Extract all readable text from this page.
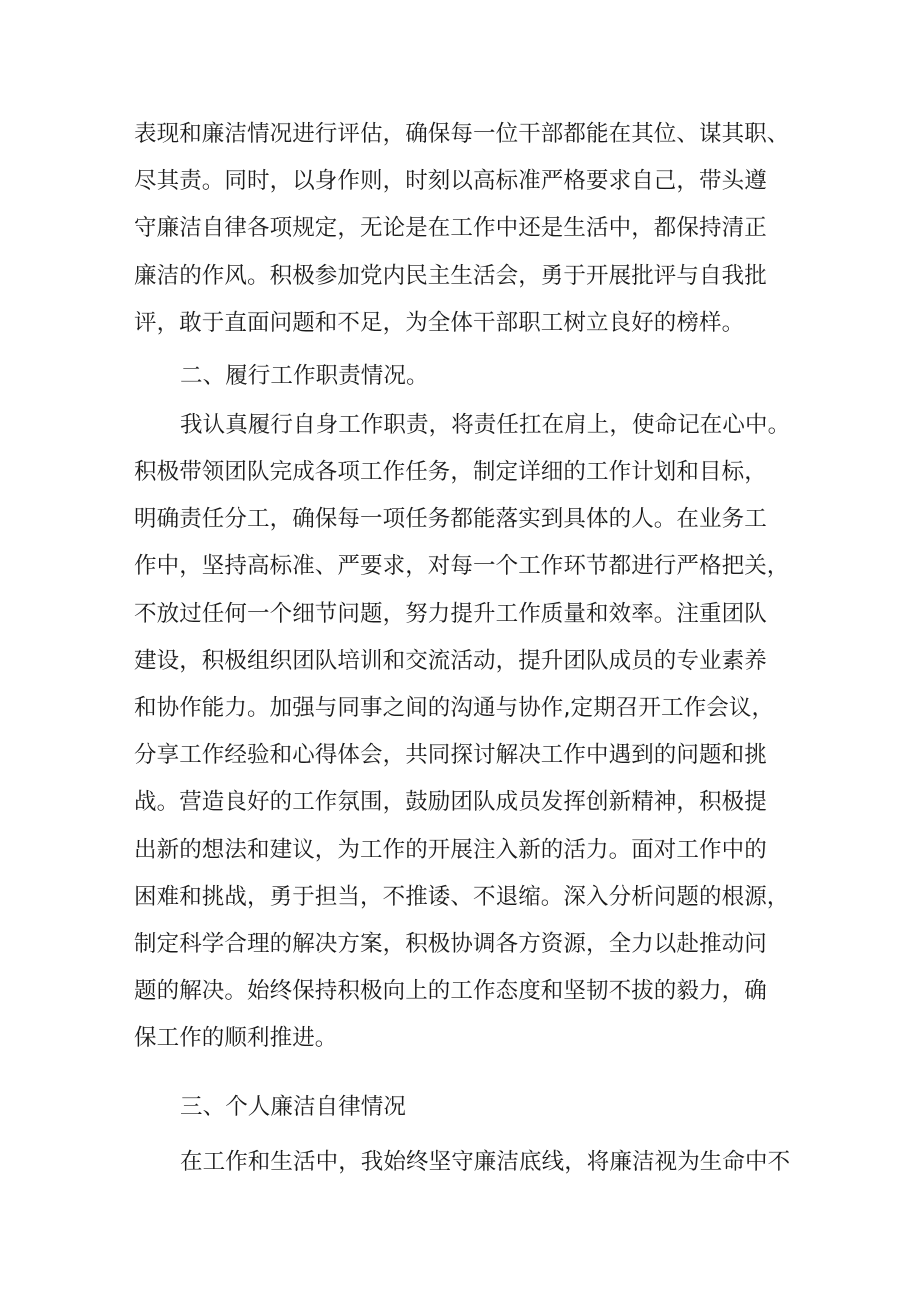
表现和廉洁情况进行评估，确保每一位干部都能在其位、谋其职、
尽其责。同时，以身作则，时刻以高标准严格要求自己，带头遵
守廉洁自律各项规定，无论是在工作中还是生活中，都保持清正
廉洁的作风。积极参加党内民主生活会，勇于开展批评与自我批
评，敢于直面问题和不足，为全体干部职工树立良好的榜样。
二、履行工作职责情况。
我认真履行自身工作职责，将责任扛在肩上，使命记在心中。
积极带领团队完成各项工作任务，制定详细的工作计划和目标，
明确责任分工，确保每一项任务都能落实到具体的人。在业务工
作中，坚持高标准、严要求，对每一个工作环节都进行严格把关，
不放过任何一个细节问题，努力提升工作质量和效率。注重团队
建设，积极组织团队培训和交流活动，提升团队成员的专业素养
和协作能力。加强与同事之间的沟通与协作,定期召开工作会议，
分享工作经验和心得体会，共同探讨解决工作中遇到的问题和挑
战。营造良好的工作氛围，鼓励团队成员发挥创新精神，积极提
出新的想法和建议，为工作的开展注入新的活力。面对工作中的
困难和挑战，勇于担当，不推诿、不退缩。深入分析问题的根源，
制定科学合理的解决方案，积极协调各方资源，全力以赴推动问
题的解决。始终保持积极向上的工作态度和坚韧不拔的毅力，确
保工作的顺利推进。
三、个人廉洁自律情况
在工作和生活中，我始终坚守廉洁底线，将廉洁视为生命中不
